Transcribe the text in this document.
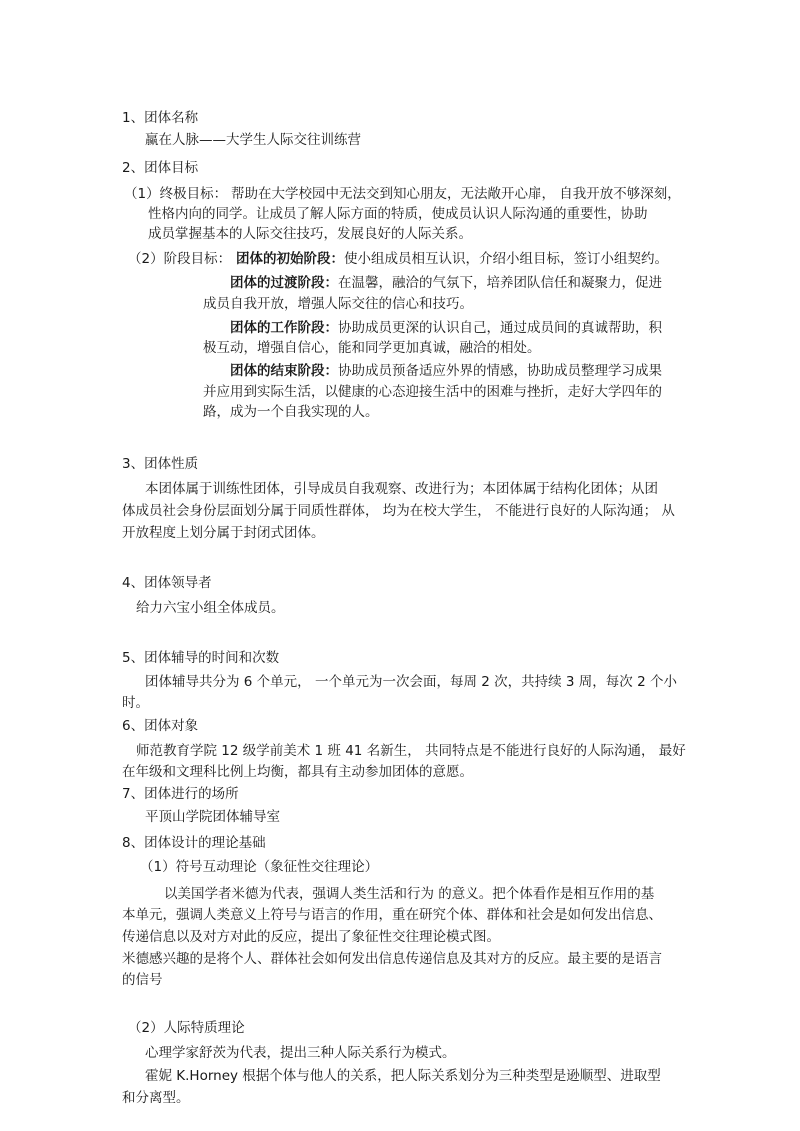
1、团体名称
赢在人脉——大学生人际交往训练营
2、团体目标
（1）终极目标： 帮助在大学校园中无法交到知心朋友，无法敞开心扉， 自我开放不够深刻，
性格内向的同学。让成员了解人际方面的特质，使成员认识人际沟通的重要性，协助
成员掌握基本的人际交往技巧，发展良好的人际关系。
（2）阶段目标： 团体的初始阶段：使小组成员相互认识，介绍小组目标，签订小组契约。
团体的过渡阶段：在温馨，融洽的气氛下，培养团队信任和凝聚力，促进
成员自我开放，增强人际交往的信心和技巧。
团体的工作阶段：协助成员更深的认识自己，通过成员间的真诚帮助，积
极互动，增强自信心，能和同学更加真诚，融洽的相处。
团体的结束阶段：协助成员预备适应外界的情感，协助成员整理学习成果
并应用到实际生活，以健康的心态迎接生活中的困难与挫折，走好大学四年的
路，成为一个自我实现的人。
3、团体性质
本团体属于训练性团体，引导成员自我观察、改进行为；本团体属于结构化团体；从团
体成员社会身份层面划分属于同质性群体， 均为在校大学生， 不能进行良好的人际沟通； 从
开放程度上划分属于封闭式团体。
4、团体领导者
给力六宝小组全体成员。
5、团体辅导的时间和次数
团体辅导共分为 6 个单元， 一个单元为一次会面，每周 2 次，共持续 3 周，每次 2 个小
时。
6、团体对象
师范教育学院 12 级学前美术 1 班 41 名新生， 共同特点是不能进行良好的人际沟通， 最好
在年级和文理科比例上均衡，都具有主动参加团体的意愿。
7、团体进行的场所
平顶山学院团体辅导室
8、团体设计的理论基础
（1）符号互动理论（象征性交往理论）
以美国学者米德为代表，强调人类生活和行为 的意义。把个体看作是相互作用的基
本单元，强调人类意义上符号与语言的作用，重在研究个体、群体和社会是如何发出信息、
传递信息以及对方对此的反应，提出了象征性交往理论模式图。
米德感兴趣的是将个人、群体社会如何发出信息传递信息及其对方的反应。最主要的是语言
的信号
（2）人际特质理论
心理学家舒茨为代表，提出三种人际关系行为模式。
霍妮 K.Horney 根据个体与他人的关系，把人际关系划分为三种类型是逊顺型、进取型
和分离型。
